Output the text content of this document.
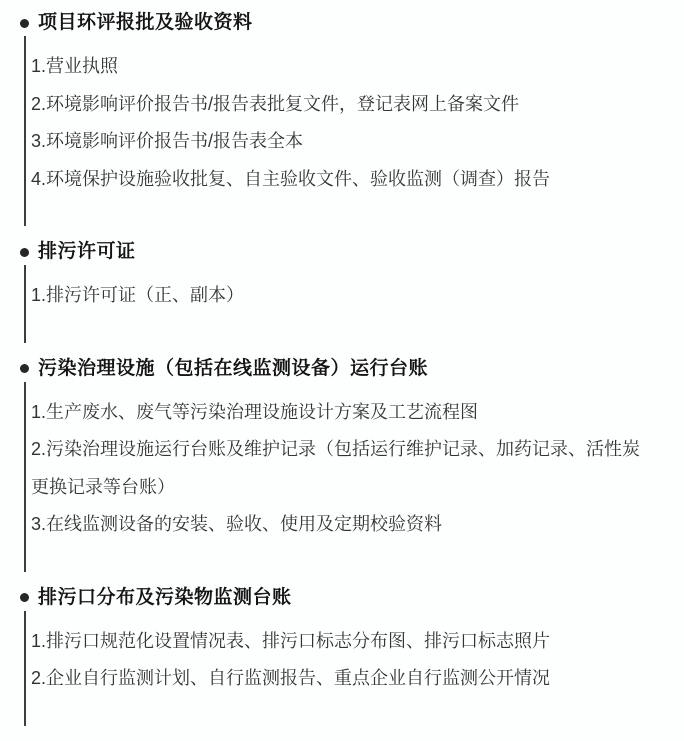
项目环评报批及验收资料

1.营业执照

2.环境影响评价报告书/报告表批复文件，登记表网上备案文件

3.环境影响评价报告书/报告表全本

4.环境保护设施验收批复、自主验收文件、验收监测（调查）报告

排污许可证

1.排污许可证（正、副本）

污染治理设施（包括在线监测设备）运行台账

1.生产废水、废气等污染治理设施设计方案及工艺流程图

2.污染治理设施运行台账及维护记录（包括运行维护记录、加药记录、活性炭更换记录等台账）

3.在线监测设备的安装、验收、使用及定期校验资料

排污口分布及污染物监测台账

1.排污口规范化设置情况表、排污口标志分布图、排污口标志照片

2.企业自行监测计划、自行监测报告、重点企业自行监测公开情况
